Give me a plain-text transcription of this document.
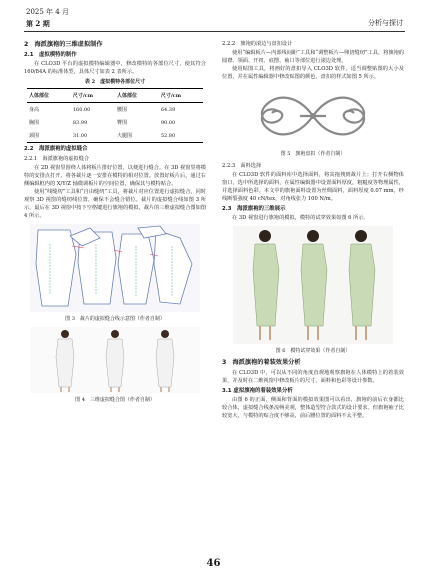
2025 年 4 月
第 2 期	分析与探讨
2　海派旗袍的三维虚拟制作
2.1　虚拟模特的制作

在 CLO3D 平台的虚拟模特编辑器中，修改模特的各部位尺寸，使其符合 160/84A 的标准体型，具体尺寸如表 2 表所示。

表 2　虚拟模特各部位尺寸
人体部位	尺寸/cm	人体部位	尺寸/cm
身高	160.00	腰围	64.39
胸围	83.99	臀围	90.00
颈围	31.00	大腿围	52.80
2.2　海派旗袍的虚拟缝合
2.2.1　海派旗袍的虚拟缝合

在 2D 视窗里围绕人体将板片排好位置，以便进行缝合。在 3D 视窗里将模特的安排点打开，将各裁片逐一安排在模特的相对位置。放置好板片后，通过右侧编辑框内的 X/Y/Z 轴微调板片的空间位置，确保其与模特贴合。

使用“线缝纫”工具和“自由缝纫”工具，将裁片对应位置进行虚拟缝合，同时观察 3D 视窗的缝纫线位置，确保不会缝合错位。裁片的虚拟缝合线如图 3 所示，最后在 3D 视窗中按下空格键进行旗袍的模拟，裁片的三维虚拟缝合图如图 4 所示。

图 3　裁片的虚拟缝合线示意图（作者自制）
图 4　三维虚拟缝合图（作者自制）
2.2.2　旗袍的滚边与盘扣设计

使用“编辑板片—内部线间距”工具和“调整板片—卵切缝纫”工具，将旗袍的圆襟、领面、开衩、底摆、袖口等部位进行滚边处理。

使用贴图工具，将画好的盘扣导入 CLO3D 软件，适当调整贴图的大小及位置，并在属性编辑器中修改贴图的颜色，盘扣的样式如图 5 所示。

图 5　旗袍盘扣（作者自制）
2.2.3　面料选择

在 CLO3D 软件的面料库中选择面料，将其拖拽到裁片上；打开右侧物体窗口，选中所选择的面料，在属性编辑器中设置面料厚度，粗糙度等物理属性，并选择面料色彩。本文中的旗袍面料设置为丝绸面料，面料厚度 0.07 mm，纱线断裂强度 40 cN/tex，对角线张力 100 N/m。

2.3　海派旗袍的三维展示

在 3D 视窗进行旗袍的模拟，模特的试穿效果如图 6 所示。

图 6　模特试穿效果（作者自制）
3　海派旗袍的着装效果分析

在 CLO3D 中，可以从不同的角度直观地观察旗袍在人体模特上的着装效果，并及时在二维视窗中修改板片的尺寸，面料和色彩等设计参数。

3.1 虚拟旗袍的着装效果分析

由图 6 的正面、侧面和背面的模拟效果图可以看出，旗袍的前后衣身都比较合体，虚拟缝合线条流畅美观，整体造型符合款式的设计要求。但旗袍袖子比较宽大，与模特的贴合度不够高，前后腰位置的面料不太平整。

46
